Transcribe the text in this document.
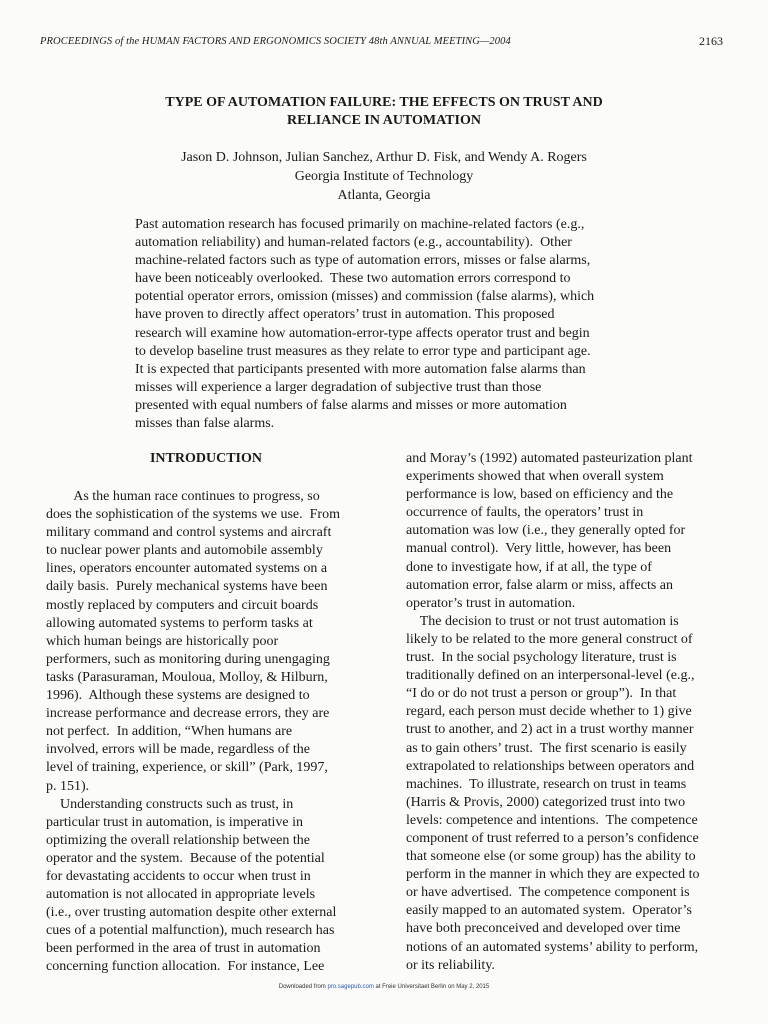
PROCEEDINGS of the HUMAN FACTORS AND ERGONOMICS SOCIETY 48th ANNUAL MEETING—2004	2163
TYPE OF AUTOMATION FAILURE: THE EFFECTS ON TRUST AND
RELIANCE IN AUTOMATION
Jason D. Johnson, Julian Sanchez, Arthur D. Fisk, and Wendy A. Rogers
Georgia Institute of Technology
Atlanta, Georgia
Past automation research has focused primarily on machine-related factors (e.g.,
automation reliability) and human-related factors (e.g., accountability).  Other
machine-related factors such as type of automation errors, misses or false alarms,
have been noticeably overlooked.  These two automation errors correspond to
potential operator errors, omission (misses) and commission (false alarms), which
have proven to directly affect operators’ trust in automation. This proposed
research will examine how automation-error-type affects operator trust and begin
to develop baseline trust measures as they relate to error type and participant age.
It is expected that participants presented with more automation false alarms than
misses will experience a larger degradation of subjective trust than those
presented with equal numbers of false alarms and misses or more automation
misses than false alarms.
INTRODUCTION
As the human race continues to progress, so
does the sophistication of the systems we use.  From
military command and control systems and aircraft
to nuclear power plants and automobile assembly
lines, operators encounter automated systems on a
daily basis.  Purely mechanical systems have been
mostly replaced by computers and circuit boards
allowing automated systems to perform tasks at
which human beings are historically poor
performers, such as monitoring during unengaging
tasks (Parasuraman, Mouloua, Molloy, & Hilburn,
1996).  Although these systems are designed to
increase performance and decrease errors, they are
not perfect.  In addition, “When humans are
involved, errors will be made, regardless of the
level of training, experience, or skill” (Park, 1997,
p. 151).
Understanding constructs such as trust, in
particular trust in automation, is imperative in
optimizing the overall relationship between the
operator and the system.  Because of the potential
for devastating accidents to occur when trust in
automation is not allocated in appropriate levels
(i.e., over trusting automation despite other external
cues of a potential malfunction), much research has
been performed in the area of trust in automation
concerning function allocation.  For instance, Lee
and Moray’s (1992) automated pasteurization plant
experiments showed that when overall system
performance is low, based on efficiency and the
occurrence of faults, the operators’ trust in
automation was low (i.e., they generally opted for
manual control).  Very little, however, has been
done to investigate how, if at all, the type of
automation error, false alarm or miss, affects an
operator’s trust in automation.
The decision to trust or not trust automation is
likely to be related to the more general construct of
trust.  In the social psychology literature, trust is
traditionally defined on an interpersonal-level (e.g.,
“I do or do not trust a person or group”).  In that
regard, each person must decide whether to 1) give
trust to another, and 2) act in a trust worthy manner
as to gain others’ trust.  The first scenario is easily
extrapolated to relationships between operators and
machines.  To illustrate, research on trust in teams
(Harris & Provis, 2000) categorized trust into two
levels: competence and intentions.  The competence
component of trust referred to a person’s confidence
that someone else (or some group) has the ability to
perform in the manner in which they are expected to
or have advertised.  The competence component is
easily mapped to an automated system.  Operator’s
have both preconceived and developed over time
notions of an automated systems’ ability to perform,
or its reliability.
Downloaded from pro.sagepub.com at Freie Universitaet Berlin on May 2, 2015
